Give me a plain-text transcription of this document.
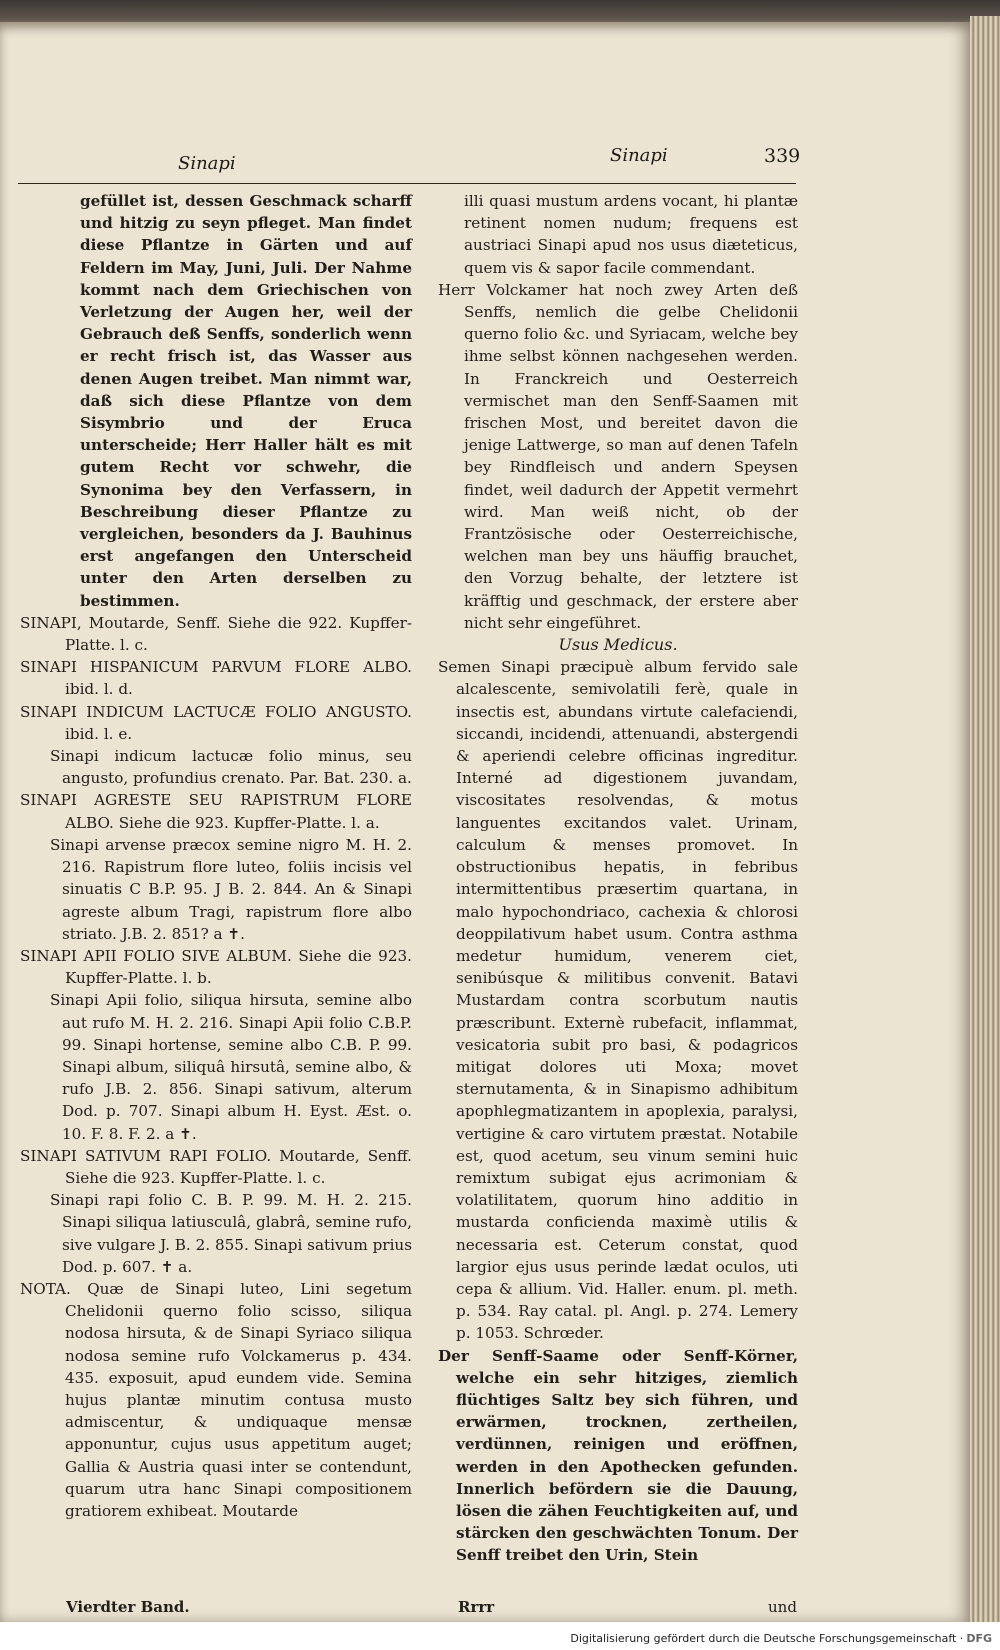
Sinapi	Sinapi	339

gefüllet ist, dessen Geschmack scharff und hitzig zu seyn pfleget. Man findet diese Pflantze in Gärten und auf Feldern im May, Juni, Juli. Der Nahme kommt nach dem Griechischen von Verletzung der Augen her, weil der Gebrauch deß Senffs, sonderlich wenn er recht frisch ist, das Wasser aus denen Augen treibet. Man nimmt war, daß sich diese Pflantze von dem Sisymbrio und der Eruca unterscheide; Herr Haller hält es mit gutem Recht vor schwehr, die Synonima bey den Verfassern, in Beschreibung dieser Pflantze zu vergleichen, besonders da J. Bauhinus erst angefangen den Unterscheid unter den Arten derselben zu bestimmen.

SINAPI, Moutarde, Senff. Siehe die 922. Kupffer-Platte. l. c.

SINAPI HISPANICUM PARVUM FLORE ALBO. ibid. l. d.

SINAPI INDICUM LACTUCÆ FOLIO ANGUSTO. ibid. l. e.

Sinapi indicum lactucæ folio minus, seu angusto, profundius crenato. Par. Bat. 230. a.

SINAPI AGRESTE SEU RAPISTRUM FLORE ALBO. Siehe die 923. Kupffer-Platte. l. a.

Sinapi arvense præcox semine nigro M. H. 2. 216. Rapistrum flore luteo, foliis incisis vel sinuatis C B.P. 95. J B. 2. 844. An & Sinapi agreste album Tragi, rapistrum flore albo striato. J.B. 2. 851? a ✝.

SINAPI APII FOLIO SIVE ALBUM. Siehe die 923. Kupffer-Platte. l. b.

Sinapi Apii folio, siliqua hirsuta, semine albo aut rufo M. H. 2. 216. Sinapi Apii folio C.B.P. 99. Sinapi hortense, semine albo C.B. P. 99. Sinapi album, siliquâ hirsutâ, semine albo, & rufo J.B. 2. 856. Sinapi sativum, alterum Dod. p. 707. Sinapi album H. Eyst. Æst. o. 10. F. 8. F. 2. a ✝.

SINAPI SATIVUM RAPI FOLIO. Moutarde, Senff. Siehe die 923. Kupffer-Platte. l. c.

Sinapi rapi folio C. B. P. 99. M. H. 2. 215. Sinapi siliqua latiusculâ, glabrâ, semine rufo, sive vulgare J. B. 2. 855. Sinapi sativum prius Dod. p. 607. ✝ a.

NOTA. Quæ de Sinapi luteo, Lini segetum Chelidonii querno folio scisso, siliqua nodosa hirsuta, & de Sinapi Syriaco siliqua nodosa semine rufo Volckamerus p. 434. 435. exposuit, apud eundem vide. Semina hujus plantæ minutim contusa musto admiscentur, & undiquaque mensæ apponuntur, cujus usus appetitum auget; Gallia & Austria quasi inter se contendunt, quarum utra hanc Sinapi compositionem gratiorem exhibeat. Moutarde

illi quasi mustum ardens vocant, hi plantæ retinent nomen nudum; frequens est austriaci Sinapi apud nos usus diæteticus, quem vis & sapor facile commendant.

Herr Volckamer hat noch zwey Arten deß Senffs, nemlich die gelbe Chelidonii querno folio &c. und Syriacam, welche bey ihme selbst können nachgesehen werden. In Franckreich und Oesterreich vermischet man den Senff-Saamen mit frischen Most, und bereitet davon die jenige Lattwerge, so man auf denen Tafeln bey Rindfleisch und andern Speysen findet, weil dadurch der Appetit vermehrt wird. Man weiß nicht, ob der Frantzösische oder Oesterreichische, welchen man bey uns häuffig brauchet, den Vorzug behalte, der letztere ist kräfftig und geschmack, der erstere aber nicht sehr eingeführet.

Usus Medicus.

Semen Sinapi præcipuè album fervido sale alcalescente, semivolatili ferè, quale in insectis est, abundans virtute calefaciendi, siccandi, incidendi, attenuandi, abstergendi & aperiendi celebre officinas ingreditur. Interné ad digestionem juvandam, viscositates resolvendas, & motus languentes excitandos valet. Urinam, calculum & menses promovet. In obstructionibus hepatis, in febribus intermittentibus præsertim quartana, in malo hypochondriaco, cachexia & chlorosi deoppilativum habet usum. Contra asthma medetur humidum, venerem ciet, senibúsque & militibus convenit. Batavi Mustardam contra scorbutum nautis præscribunt. Externè rubefacit, inflammat, vesicatoria subit pro basi, & podagricos mitigat dolores uti Moxa; movet sternutamenta, & in Sinapismo adhibitum apophlegmatizantem in apoplexia, paralysi, vertigine & caro virtutem præstat. Notabile est, quod acetum, seu vinum semini huic remixtum subigat ejus acrimoniam & volatilitatem, quorum hino additio in mustarda conficienda maximè utilis & necessaria est. Ceterum constat, quod largior ejus usus perinde lædat oculos, uti cepa & allium. Vid. Haller. enum. pl. meth. p. 534. Ray catal. pl. Angl. p. 274. Lemery p. 1053. Schrœder.

Der Senff-Saame oder Senff-Körner, welche ein sehr hitziges, ziemlich flüchtiges Saltz bey sich führen, und erwärmen, trocknen, zertheilen, verdünnen, reinigen und eröffnen, werden in den Apothecken gefunden. Innerlich befördern sie die Dauung, lösen die zähen Feuchtigkeiten auf, und stärcken den geschwächten Tonum. Der Senff treibet den Urin, Stein

Vierdter Band.	Rrrr	und
Digitalisierung gefördert durch die Deutsche Forschungsgemeinschaft · DFG
